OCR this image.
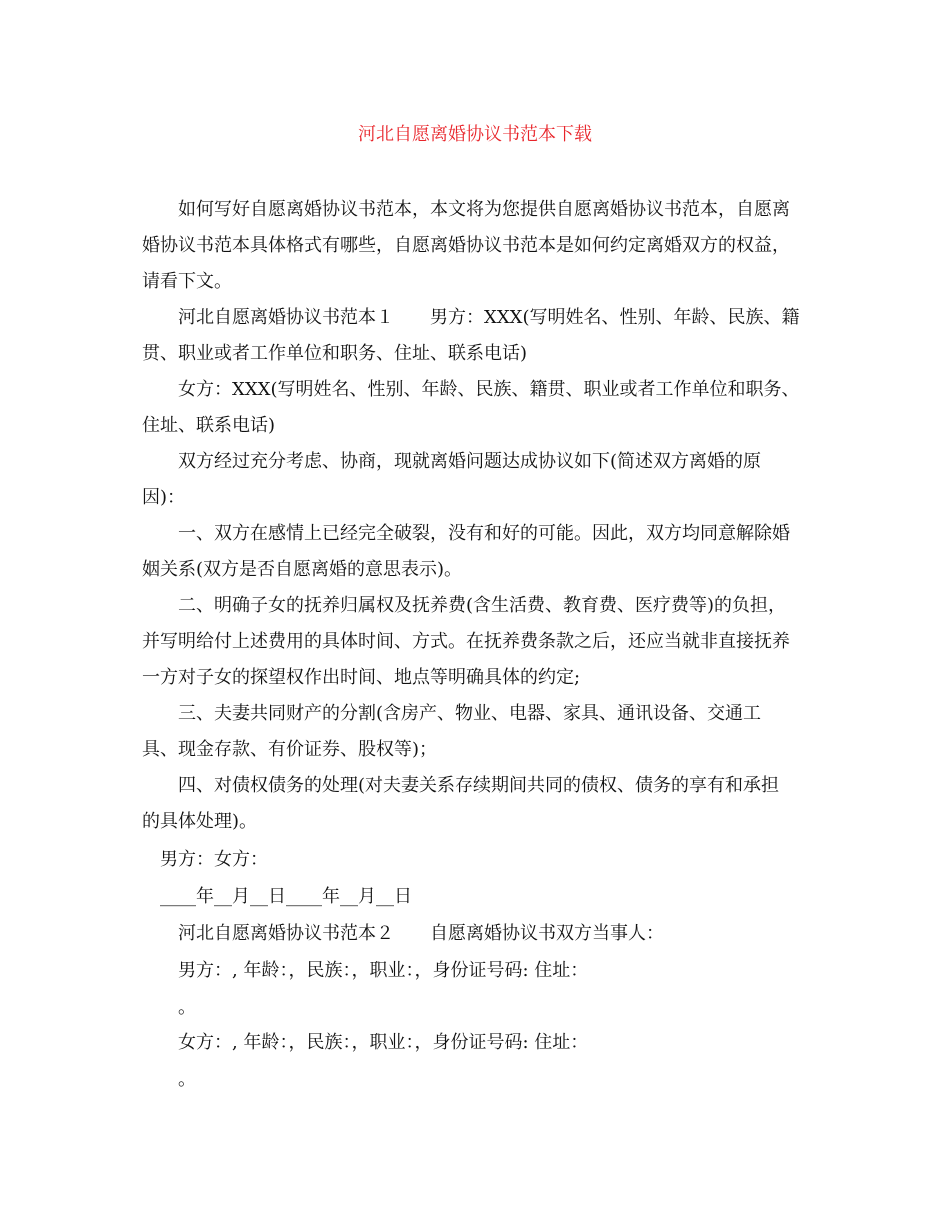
河北自愿离婚协议书范本下载
如何写好自愿离婚协议书范本，本文将为您提供自愿离婚协议书范本，自愿离
婚协议书范本具体格式有哪些，自愿离婚协议书范本是如何约定离婚双方的权益，
请看下文。
河北自愿离婚协议书范本１　　男方：XXX(写明姓名、性别、年龄、民族、籍
贯、职业或者工作单位和职务、住址、联系电话)
女方：XXX(写明姓名、性别、年龄、民族、籍贯、职业或者工作单位和职务、
住址、联系电话)
双方经过充分考虑、协商，现就离婚问题达成协议如下(简述双方离婚的原
因)：
一、双方在感情上已经完全破裂，没有和好的可能。因此，双方均同意解除婚
姻关系(双方是否自愿离婚的意思表示)。
二、明确子女的抚养归属权及抚养费(含生活费、教育费、医疗费等)的负担，
并写明给付上述费用的具体时间、方式。在抚养费条款之后，还应当就非直接抚养
一方对子女的探望权作出时间、地点等明确具体的约定;
三、夫妻共同财产的分割(含房产、物业、电器、家具、通讯设备、交通工
具、现金存款、有价证券、股权等)；
四、对债权债务的处理(对夫妻关系存续期间共同的债权、债务的享有和承担
的具体处理)。
男方：女方：
____年__月__日____年__月__日
河北自愿离婚协议书范本２　　自愿离婚协议书双方当事人：
男方：, 年龄：，民族：，职业：，身份证号码: 住址：
。
女方：, 年龄：，民族：，职业：，身份证号码: 住址：
。
